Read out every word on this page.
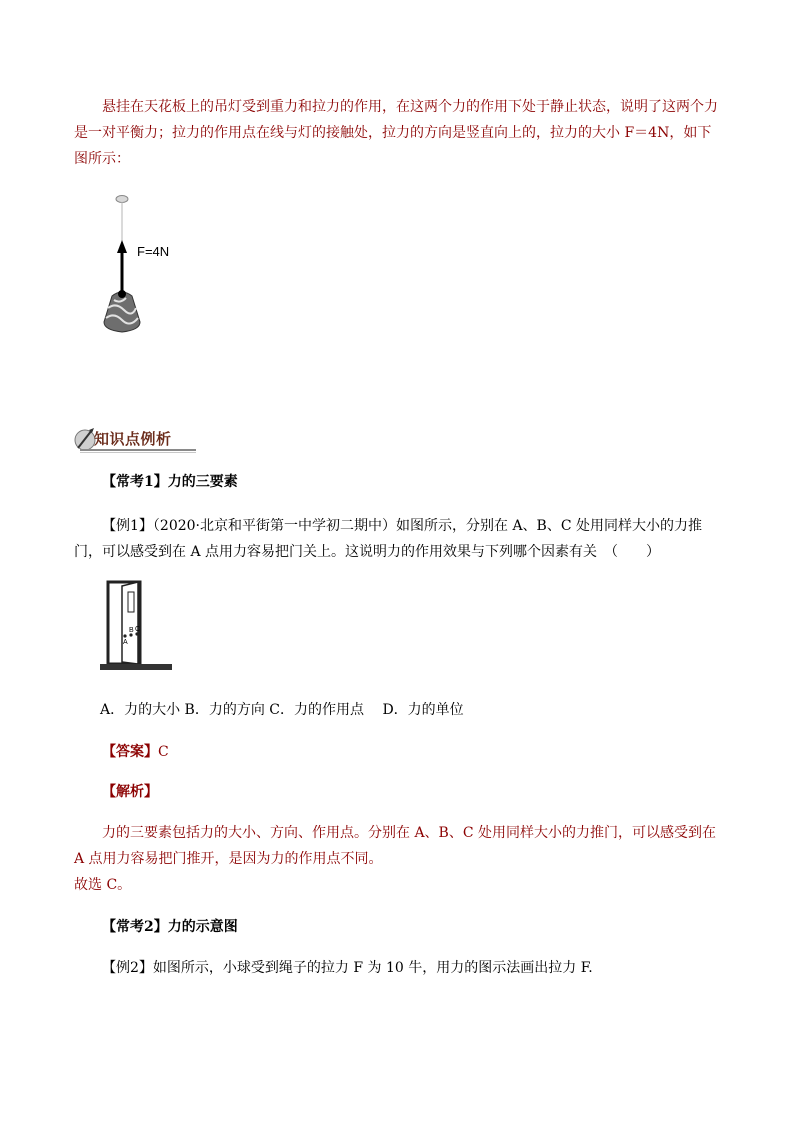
悬挂在天花板上的吊灯受到重力和拉力的作用，在这两个力的作用下处于静止状态，说明了这两个力是一对平衡力；拉力的作用点在线与灯的接触处，拉力的方向是竖直向上的，拉力的大小 F＝4N，如下图所示：
F=4N
知识点例析
【常考1】力的三要素
【例1】（2020·北京和平街第一中学初二期中）如图所示，分别在 A、B、C 处用同样大小的力推门，可以感受到在 A 点用力容易把门关上。这说明力的作用效果与下列哪个因素有关　（　　）
A
B C
A．力的大小 B．力的方向 C．力的作用点　 D．力的单位
【答案】C
【解析】
力的三要素包括力的大小、方向、作用点。分别在 A、B、C 处用同样大小的力推门，可以感受到在 A 点用力容易把门推开，是因为力的作用点不同。
故选 C。
【常考2】力的示意图
【例2】如图所示，小球受到绳子的拉力 F 为 10 牛，用力的图示法画出拉力 F.
